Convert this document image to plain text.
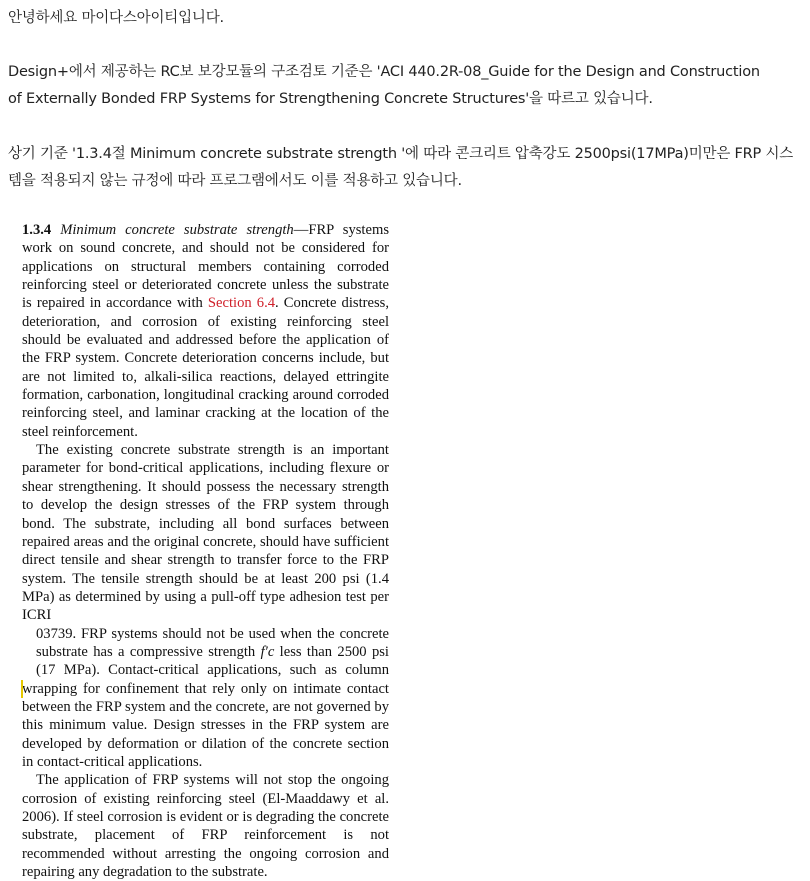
안녕하세요 마이다스아이티입니다.
Design+에서 제공하는 RC보 보강모듈의 구조검토 기준은 'ACI 440.2R-08_Guide for the Design and Construction
of Externally Bonded FRP Systems for Strengthening Concrete Structures'을 따르고 있습니다.
상기 기준 '1.3.4절 Minimum concrete substrate strength '에 따라 콘크리트 압축강도 2500psi(17MPa)미만은 FRP 시스
템을 적용되지 않는 규정에 따라 프로그램에서도 이를 적용하고 있습니다.

1.3.4 Minimum concrete substrate strength—FRP systems work on sound concrete, and should not be considered for applications on structural members containing corroded reinforcing steel or deteriorated concrete unless the substrate is repaired in accordance with Section 6.4. Concrete distress, deterioration, and corrosion of existing reinforcing steel should be evaluated and addressed before the application of the FRP system. Concrete deterioration concerns include, but are not limited to, alkali-silica reactions, delayed ettringite formation, carbonation, longitudinal cracking around corroded reinforcing steel, and laminar cracking at the location of the steel reinforcement.

The existing concrete substrate strength is an important parameter for bond-critical applications, including flexure or shear strengthening. It should possess the necessary strength to develop the design stresses of the FRP system through bond. The substrate, including all bond surfaces between repaired areas and the original concrete, should have sufficient direct tensile and shear strength to transfer force to the FRP system. The tensile strength should be at least 200 psi (1.4 MPa) as determined by using a pull-off type adhesion test per ICRI
03739. FRP systems should not be used when the concrete
substrate has a compressive strength f′c less than 2500 psi
(17 MPa). Contact-critical applications, such as column
wrapping for confinement that rely only on intimate contact between the FRP system and the concrete, are not governed by this minimum value. Design stresses in the FRP system are developed by deformation or dilation of the concrete section in contact-critical applications.

The application of FRP systems will not stop the ongoing corrosion of existing reinforcing steel (El-Maaddawy et al. 2006). If steel corrosion is evident or is degrading the concrete substrate, placement of FRP reinforcement is not recommended without arresting the ongoing corrosion and repairing any degradation to the substrate.
